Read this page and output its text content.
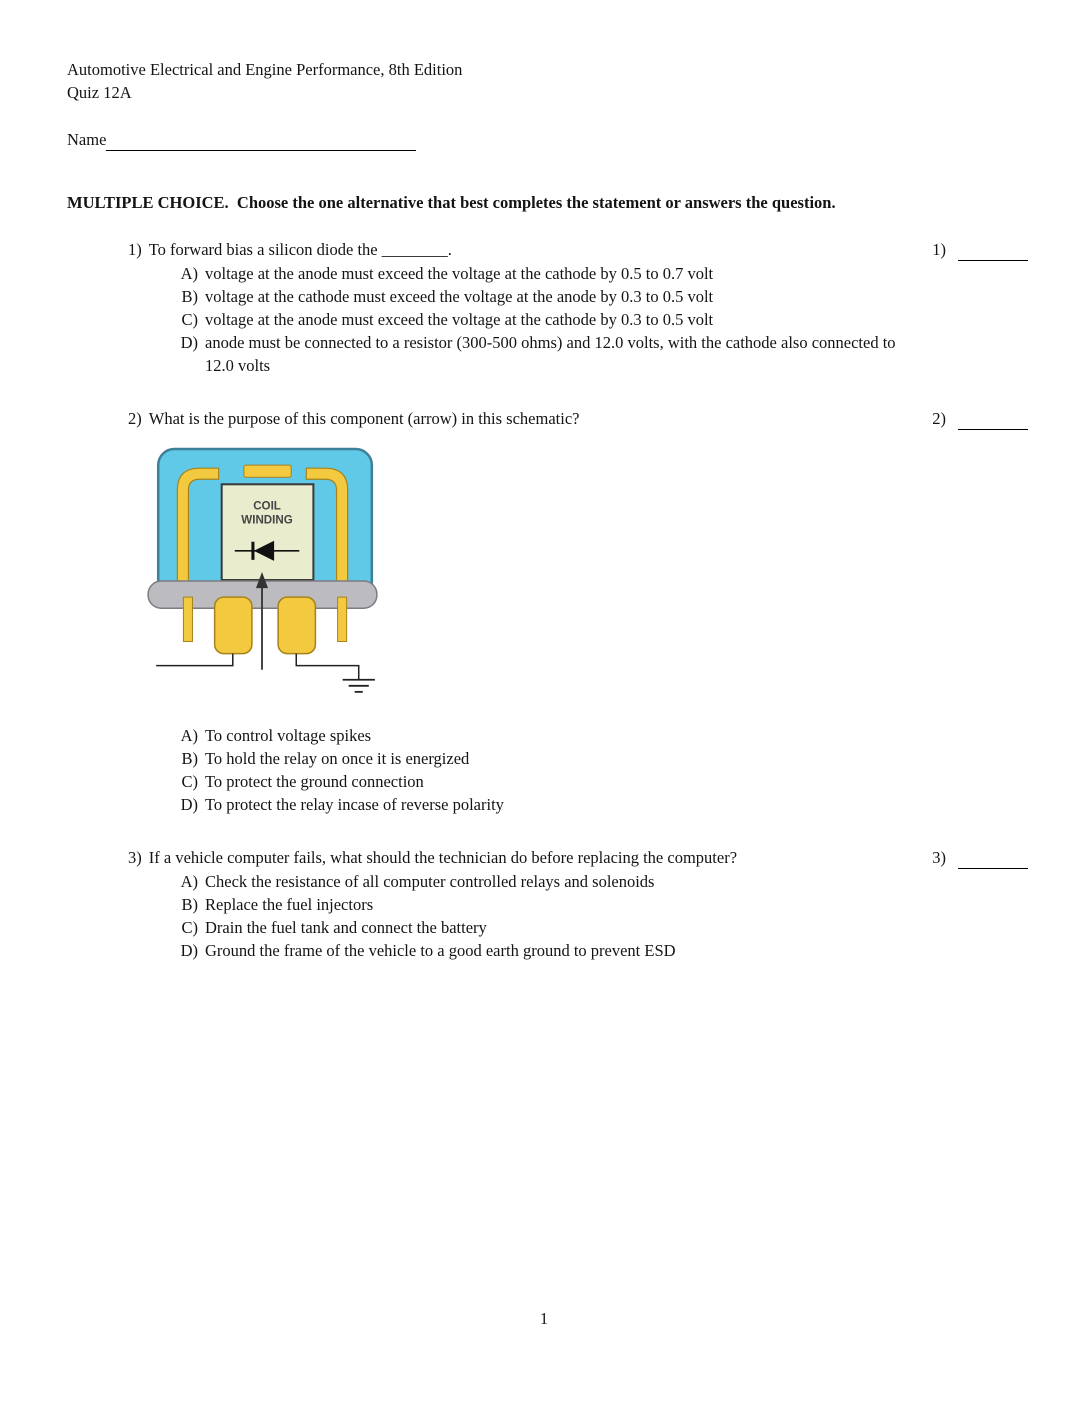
Automotive Electrical and Engine Performance, 8th Edition
Quiz 12A
Name
MULTIPLE CHOICE.  Choose the one alternative that best completes the statement or answers the question.
1) To forward bias a silicon diode the ________.	1)
A) voltage at the anode must exceed the voltage at the cathode by 0.5 to 0.7 volt
B) voltage at the cathode must exceed the voltage at the anode by 0.3 to 0.5 volt
C) voltage at the anode must exceed the voltage at the cathode by 0.3 to 0.5 volt
D) anode must be connected to a resistor (300-500 ohms) and 12.0 volts, with the cathode also connected to 12.0 volts
2) What is the purpose of this component (arrow) in this schematic?	2)
COIL
WINDING
A) To control voltage spikes
B) To hold the relay on once it is energized
C) To protect the ground connection
D) To protect the relay incase of reverse polarity
3) If a vehicle computer fails, what should the technician do before replacing the computer?	3)
A) Check the resistance of all computer controlled relays and solenoids
B) Replace the fuel injectors
C) Drain the fuel tank and connect the battery
D) Ground the frame of the vehicle to a good earth ground to prevent ESD
1
